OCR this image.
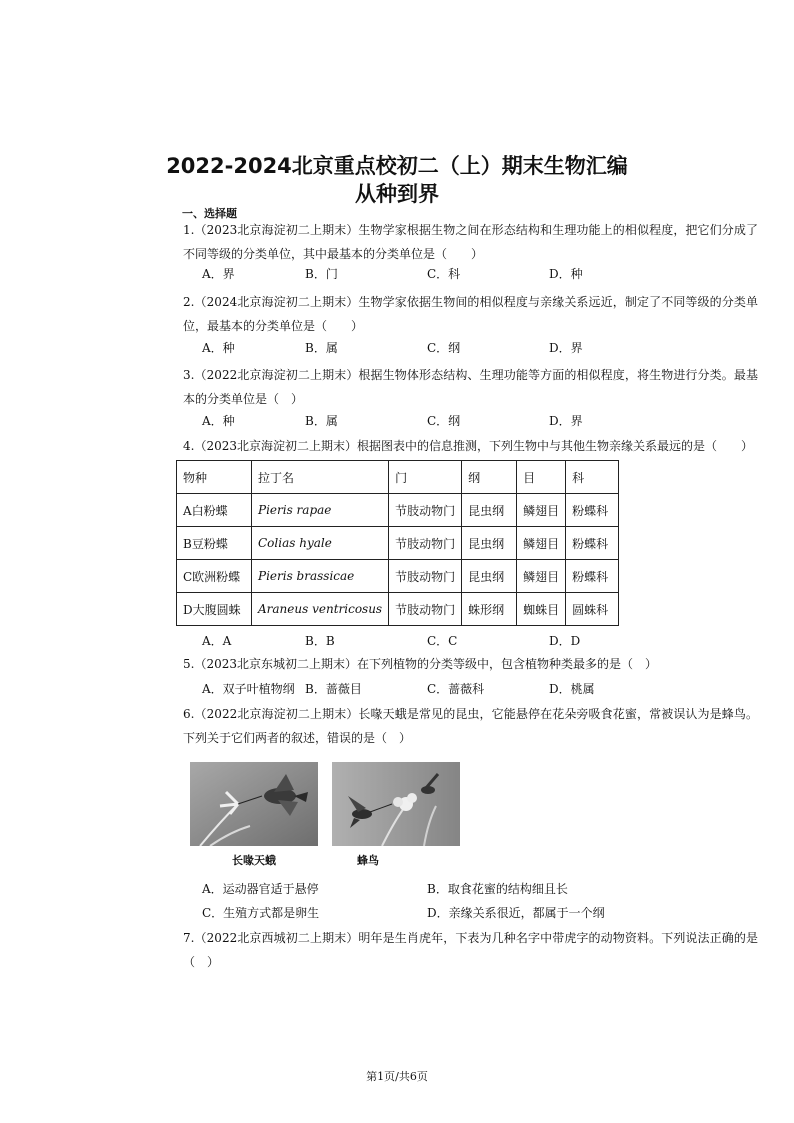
2022-2024北京重点校初二（上）期末生物汇编
从种到界
一、选择题
1.（2023北京海淀初二上期末）生物学家根据生物之间在形态结构和生理功能上的相似程度，把它们分成了不同等级的分类单位，其中最基本的分类单位是（　　）
A．界	B．门	C．科	D．种
2.（2024北京海淀初二上期末）生物学家依据生物间的相似程度与亲缘关系远近，制定了不同等级的分类单位，最基本的分类单位是（　　）
A．种	B．属	C．纲	D．界
3.（2022北京海淀初二上期末）根据生物体形态结构、生理功能等方面的相似程度，将生物进行分类。最基本的分类单位是（　）
A．种	B．属	C．纲	D．界
4.（2023北京海淀初二上期末）根据图表中的信息推测，下列生物中与其他生物亲缘关系最远的是（　　）
物种	拉丁名	门	纲	目	科
A白粉蝶	Pieris rapae	节肢动物门	昆虫纲	鳞翅目	粉蝶科
B豆粉蝶	Colias hyale	节肢动物门	昆虫纲	鳞翅目	粉蝶科
C欧洲粉蝶	Pieris brassicae	节肢动物门	昆虫纲	鳞翅目	粉蝶科
D大腹圆蛛	Araneus ventricosus	节肢动物门	蛛形纲	蜘蛛目	圆蛛科
A．A	B．B	C．C	D．D
5.（2023北京东城初二上期末）在下列植物的分类等级中，包含植物种类最多的是（　）
A．双子叶植物纲 B．蔷薇目	C．蔷薇科	D．桃属
6.（2022北京海淀初二上期末）长喙天蛾是常见的昆虫，它能悬停在花朵旁吸食花蜜，常被误认为是蜂鸟。下列关于它们两者的叙述，错误的是（　）
长喙天蛾	蜂鸟
A．运动器官适于悬停	B．取食花蜜的结构细且长
C．生殖方式都是卵生	D．亲缘关系很近，都属于一个纲
7.（2022北京西城初二上期末）明年是生肖虎年，下表为几种名字中带虎字的动物资料。下列说法正确的是（　）
第1页/共6页
